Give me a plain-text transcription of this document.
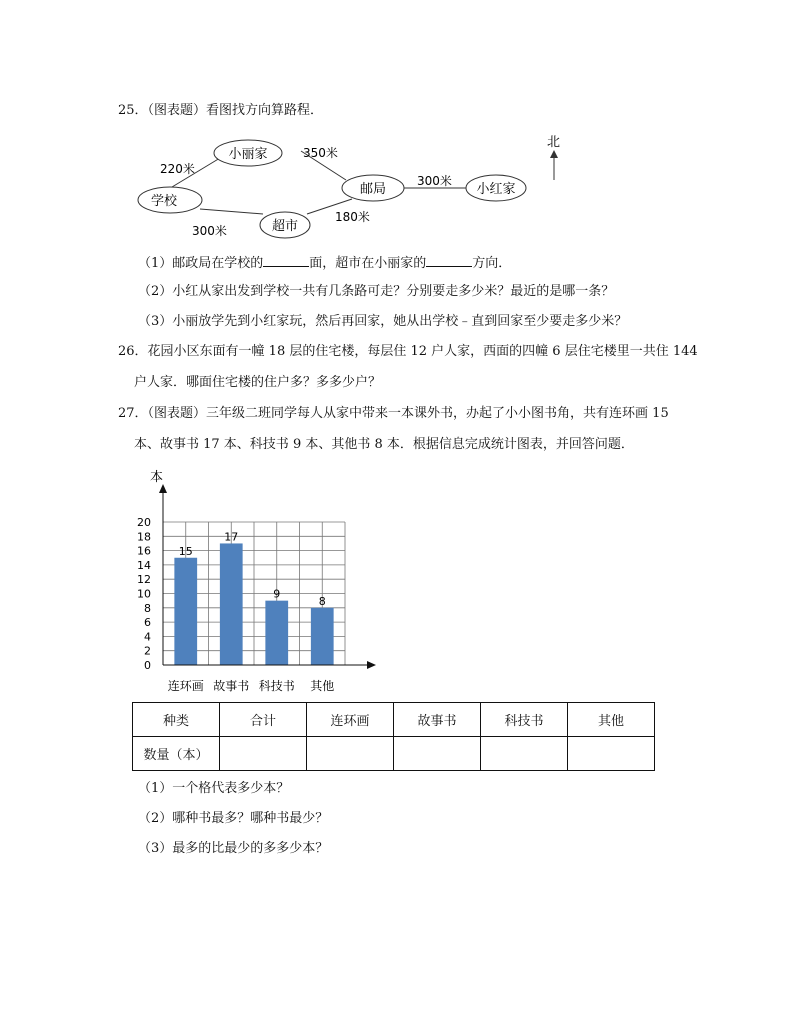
25．（图表题）看图找方向算路程．
小丽家
学校
邮局	小红家
超市
220米
350米
300米
300米
180米
北
（1）邮政局在学校的	面，超市在小丽家的	方向．
（2）小红从家出发到学校一共有几条路可走？分别要走多少米？最近的是哪一条？
（3）小丽放学先到小红家玩，然后再回家，她从出学校﹣直到回家至少要走多少米？
26．花园小区东面有一幢 18 层的住宅楼，每层住 12 户人家，西面的四幢 6 层住宅楼里一共住 144
户人家．哪面住宅楼的住户多？多多少户？
27．（图表题）三年级二班同学每人从家中带来一本课外书，办起了小小图书角，共有连环画 15
本、故事书 17 本、科技书 9 本、其他书 8 本．根据信息完成统计图表，并回答问题．
本
0
2
4
6
8
10
12
14
16
18
20
15
连环画
17
故事书
9
科技书
8
其他
种类	合计	连环画	故事书	科技书	其他
数量（本）					
（1）一个格代表多少本？
（2）哪种书最多？哪种书最少？
（3）最多的比最少的多多少本？
